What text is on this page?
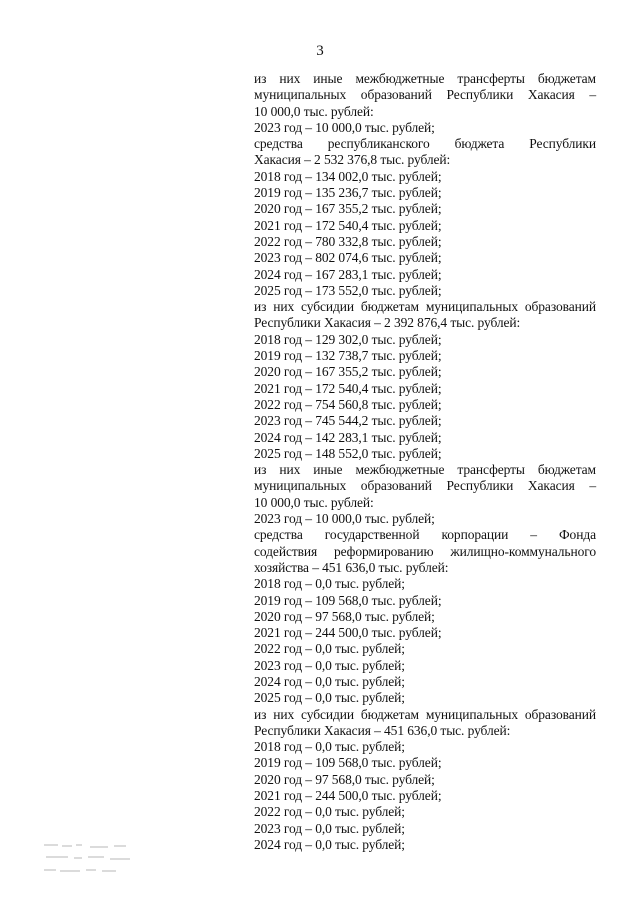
3
из них иные межбюджетные трансферты бюджетам
муниципальных образований Республики Хакасия –
10 000,0 тыс. рублей:
2023 год – 10 000,0 тыс. рублей;
средства республиканского бюджета Республики
Хакасия – 2 532 376,8 тыс. рублей:
2018 год – 134 002,0 тыс. рублей;
2019 год – 135 236,7 тыс. рублей;
2020 год – 167 355,2 тыс. рублей;
2021 год – 172 540,4 тыс. рублей;
2022 год – 780 332,8 тыс. рублей;
2023 год – 802 074,6 тыс. рублей;
2024 год – 167 283,1 тыс. рублей;
2025 год – 173 552,0 тыс. рублей;
из них субсидии бюджетам муниципальных образований
Республики Хакасия – 2 392 876,4 тыс. рублей:
2018 год – 129 302,0 тыс. рублей;
2019 год – 132 738,7 тыс. рублей;
2020 год – 167 355,2 тыс. рублей;
2021 год – 172 540,4 тыс. рублей;
2022 год – 754 560,8 тыс. рублей;
2023 год – 745 544,2 тыс. рублей;
2024 год – 142 283,1 тыс. рублей;
2025 год – 148 552,0 тыс. рублей;
из них иные межбюджетные трансферты бюджетам
муниципальных образований Республики Хакасия –
10 000,0 тыс. рублей:
2023 год – 10 000,0 тыс. рублей;
средства государственной корпорации – Фонда
содействия реформированию жилищно-коммунального
хозяйства – 451 636,0 тыс. рублей:
2018 год – 0,0 тыс. рублей;
2019 год – 109 568,0 тыс. рублей;
2020 год – 97 568,0 тыс. рублей;
2021 год – 244 500,0 тыс. рублей;
2022 год – 0,0 тыс. рублей;
2023 год – 0,0 тыс. рублей;
2024 год – 0,0 тыс. рублей;
2025 год – 0,0 тыс. рублей;
из них субсидии бюджетам муниципальных образований
Республики Хакасия – 451 636,0 тыс. рублей:
2018 год – 0,0 тыс. рублей;
2019 год – 109 568,0 тыс. рублей;
2020 год – 97 568,0 тыс. рублей;
2021 год – 244 500,0 тыс. рублей;
2022 год – 0,0 тыс. рублей;
2023 год – 0,0 тыс. рублей;
2024 год – 0,0 тыс. рублей;
